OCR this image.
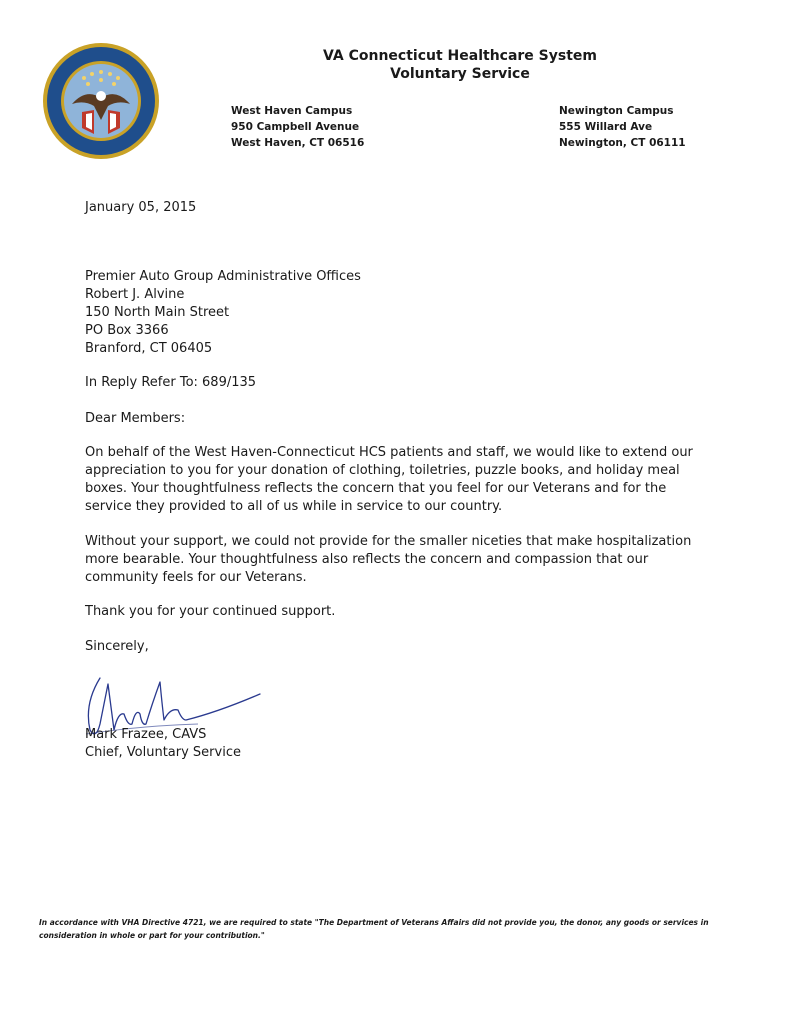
VA Connecticut Healthcare System
Voluntary Service
West Haven Campus
950 Campbell Avenue
West Haven, CT 06516
Newington Campus
555 Willard Ave
Newington, CT 06111
January 05, 2015
Premier Auto Group Administrative Offices
Robert J. Alvine
150 North Main Street
PO Box 3366
Branford, CT 06405
In Reply Refer To: 689/135
Dear Members:
On behalf of the West Haven-Connecticut HCS patients and staff, we would like to extend our appreciation to you for your donation of clothing, toiletries, puzzle books, and holiday meal boxes. Your thoughtfulness reflects the concern that you feel for our Veterans and for the service they provided to all of us while in service to our country.
Without your support, we could not provide for the smaller niceties that make hospitalization more bearable. Your thoughtfulness also reflects the concern and compassion that our community feels for our Veterans.
Thank you for your continued support.
Sincerely,
Mark Frazee, CAVS
Chief, Voluntary Service
In accordance with VHA Directive 4721, we are required to state "The Department of Veterans Affairs did not provide you, the donor, any goods or services in consideration in whole or part for your contribution."
